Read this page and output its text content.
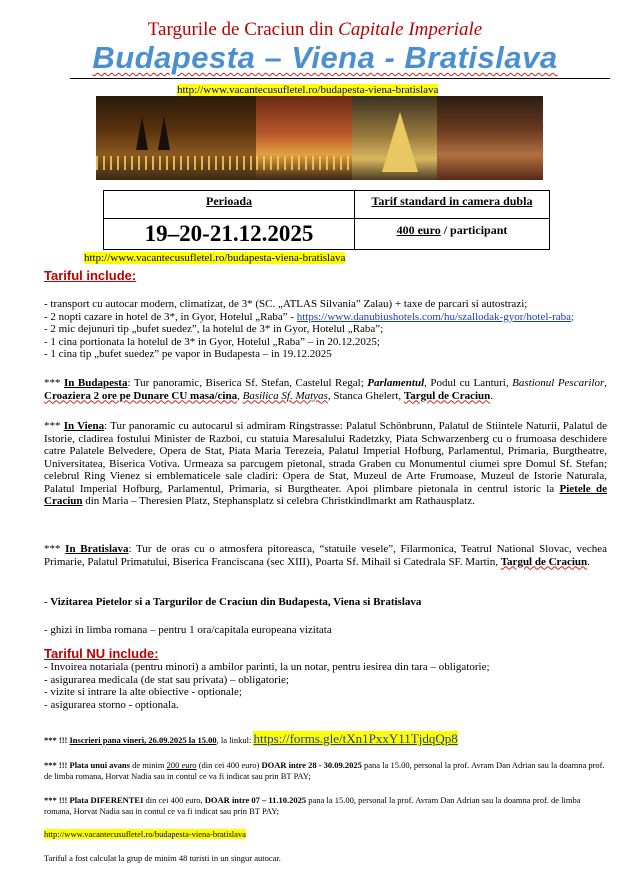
Targurile de Craciun din Capitale Imperiale
Budapesta – Viena - Bratislava
http://www.vacantecusufletel.ro/budapesta-viena-bratislava
Perioada	Tarif standard in camera dubla
19–20-21.12.2025	400 euro / participant
http://www.vacantecusufletel.ro/budapesta-viena-bratislava
Tariful include:
- transport cu autocar modern, climatizat, de 3* (SC. „ATLAS Silvania” Zalau) + taxe de parcari si autostrazi;
- 2 nopti cazare in hotel de 3*, in Gyor, Hotelul „Raba” - https://www.danubiushotels.com/hu/szallodak-gyor/hotel-raba;
- 2 mic dejunuri tip „bufet suedez”, la hotelul de 3* in Gyor, Hotelul „Raba”;
- 1 cina portionata la hotelul de 3* in Gyor, Hotelul „Raba” – in 20.12.2025;
- 1 cina tip „bufet suedez” pe vapor in Budapesta – in 19.12.2025
*** In Budapesta: Tur panoramic, Biserica Sf. Stefan, Castelul Regal; Parlamentul, Podul cu Lanturi, Bastionul Pescarilor, Croaziera 2 ore pe Dunare CU masa/cina, Basilica Sf. Matyas, Stanca Ghelert, Targul de Craciun.
*** In Viena: Tur panoramic cu autocarul si admiram Ringstrasse: Palatul Schönbrunn, Palatul de Stiintele Naturii, Palatul de Istorie, cladirea fostului Minister de Razboi, cu statuia Maresalului Radetzky, Piata Schwarzenberg cu o frumoasa deschidere catre Palatele Belvedere, Opera de Stat, Piata Maria Terezeia, Palatul Imperial Hofburg, Parlamentul, Primaria, Burgtheatre, Universitatea, Biserica Votiva. Urmeaza sa parcugem pietonal, strada Graben cu Monumentul ciumei spre Domul Sf. Stefan; celebrul Ring Vienez si emblematicele sale cladiri: Opera de Stat, Muzeul de Arte Frumoase, Muzeul de Istorie Naturala, Palatul Imperial Hofburg, Parlamentul, Primaria, si Burgtheater. Apoi plimbare pietonala in centrul istoric la Pietele de Craciun din Maria – Theresien Platz, Stephansplatz si celebra Christkindlmarkt am Rathausplatz.
*** In Bratislava: Tur de oras cu o atmosfera pitoreasca, “statuile vesele”, Filarmonica, Teatrul National Slovac, vechea Primarie, Palatul Primatului, Biserica Franciscana (sec XIII), Poarta Sf. Mihail si Catedrala SF. Martin, Targul de Craciun.
- Vizitarea Pietelor si a Targurilor de Craciun din Budapesta, Viena si Bratislava
- ghizi in limba romana – pentru 1 ora/capitala europeana vizitata
Tariful NU include:
- Invoirea notariala (pentru minori) a ambilor parinti, la un notar, pentru iesirea din tara – obligatorie;
- asigurarea medicala (de stat sau privata) – obligatorie;
- vizite si intrare la alte obiective - optionale;
- asigurarea storno - optionala.
*** !!! Inscrieri pana vineri, 26.09.2025 la 15.00, la linkul: https://forms.gle/tXn1PxxY11TjdqQp8
*** !!! Plata unui avans de minim 200 euro (din cei 400 euro) DOAR intre 28 - 30.09.2025 pana la 15.00, personal la prof. Avram Dan Adrian sau la doamna prof. de limba romana, Horvat Nadia sau in contul ce va fi indicat sau prin BT PAY;
*** !!! Plata DIFERENTEI din cei 400 euro, DOAR intre 07 – 11.10.2025 pana la 15.00, personal la prof. Avram Dan Adrian sau la doamna prof. de limba romana, Horvat Nadia sau in contul ce va fi indicat sau prin BT PAY;
http://www.vacantecusufletel.ro/budapesta-viena-bratislava
Tariful a fost calculat la grup de minim 48 turisti in un singur autocar.
